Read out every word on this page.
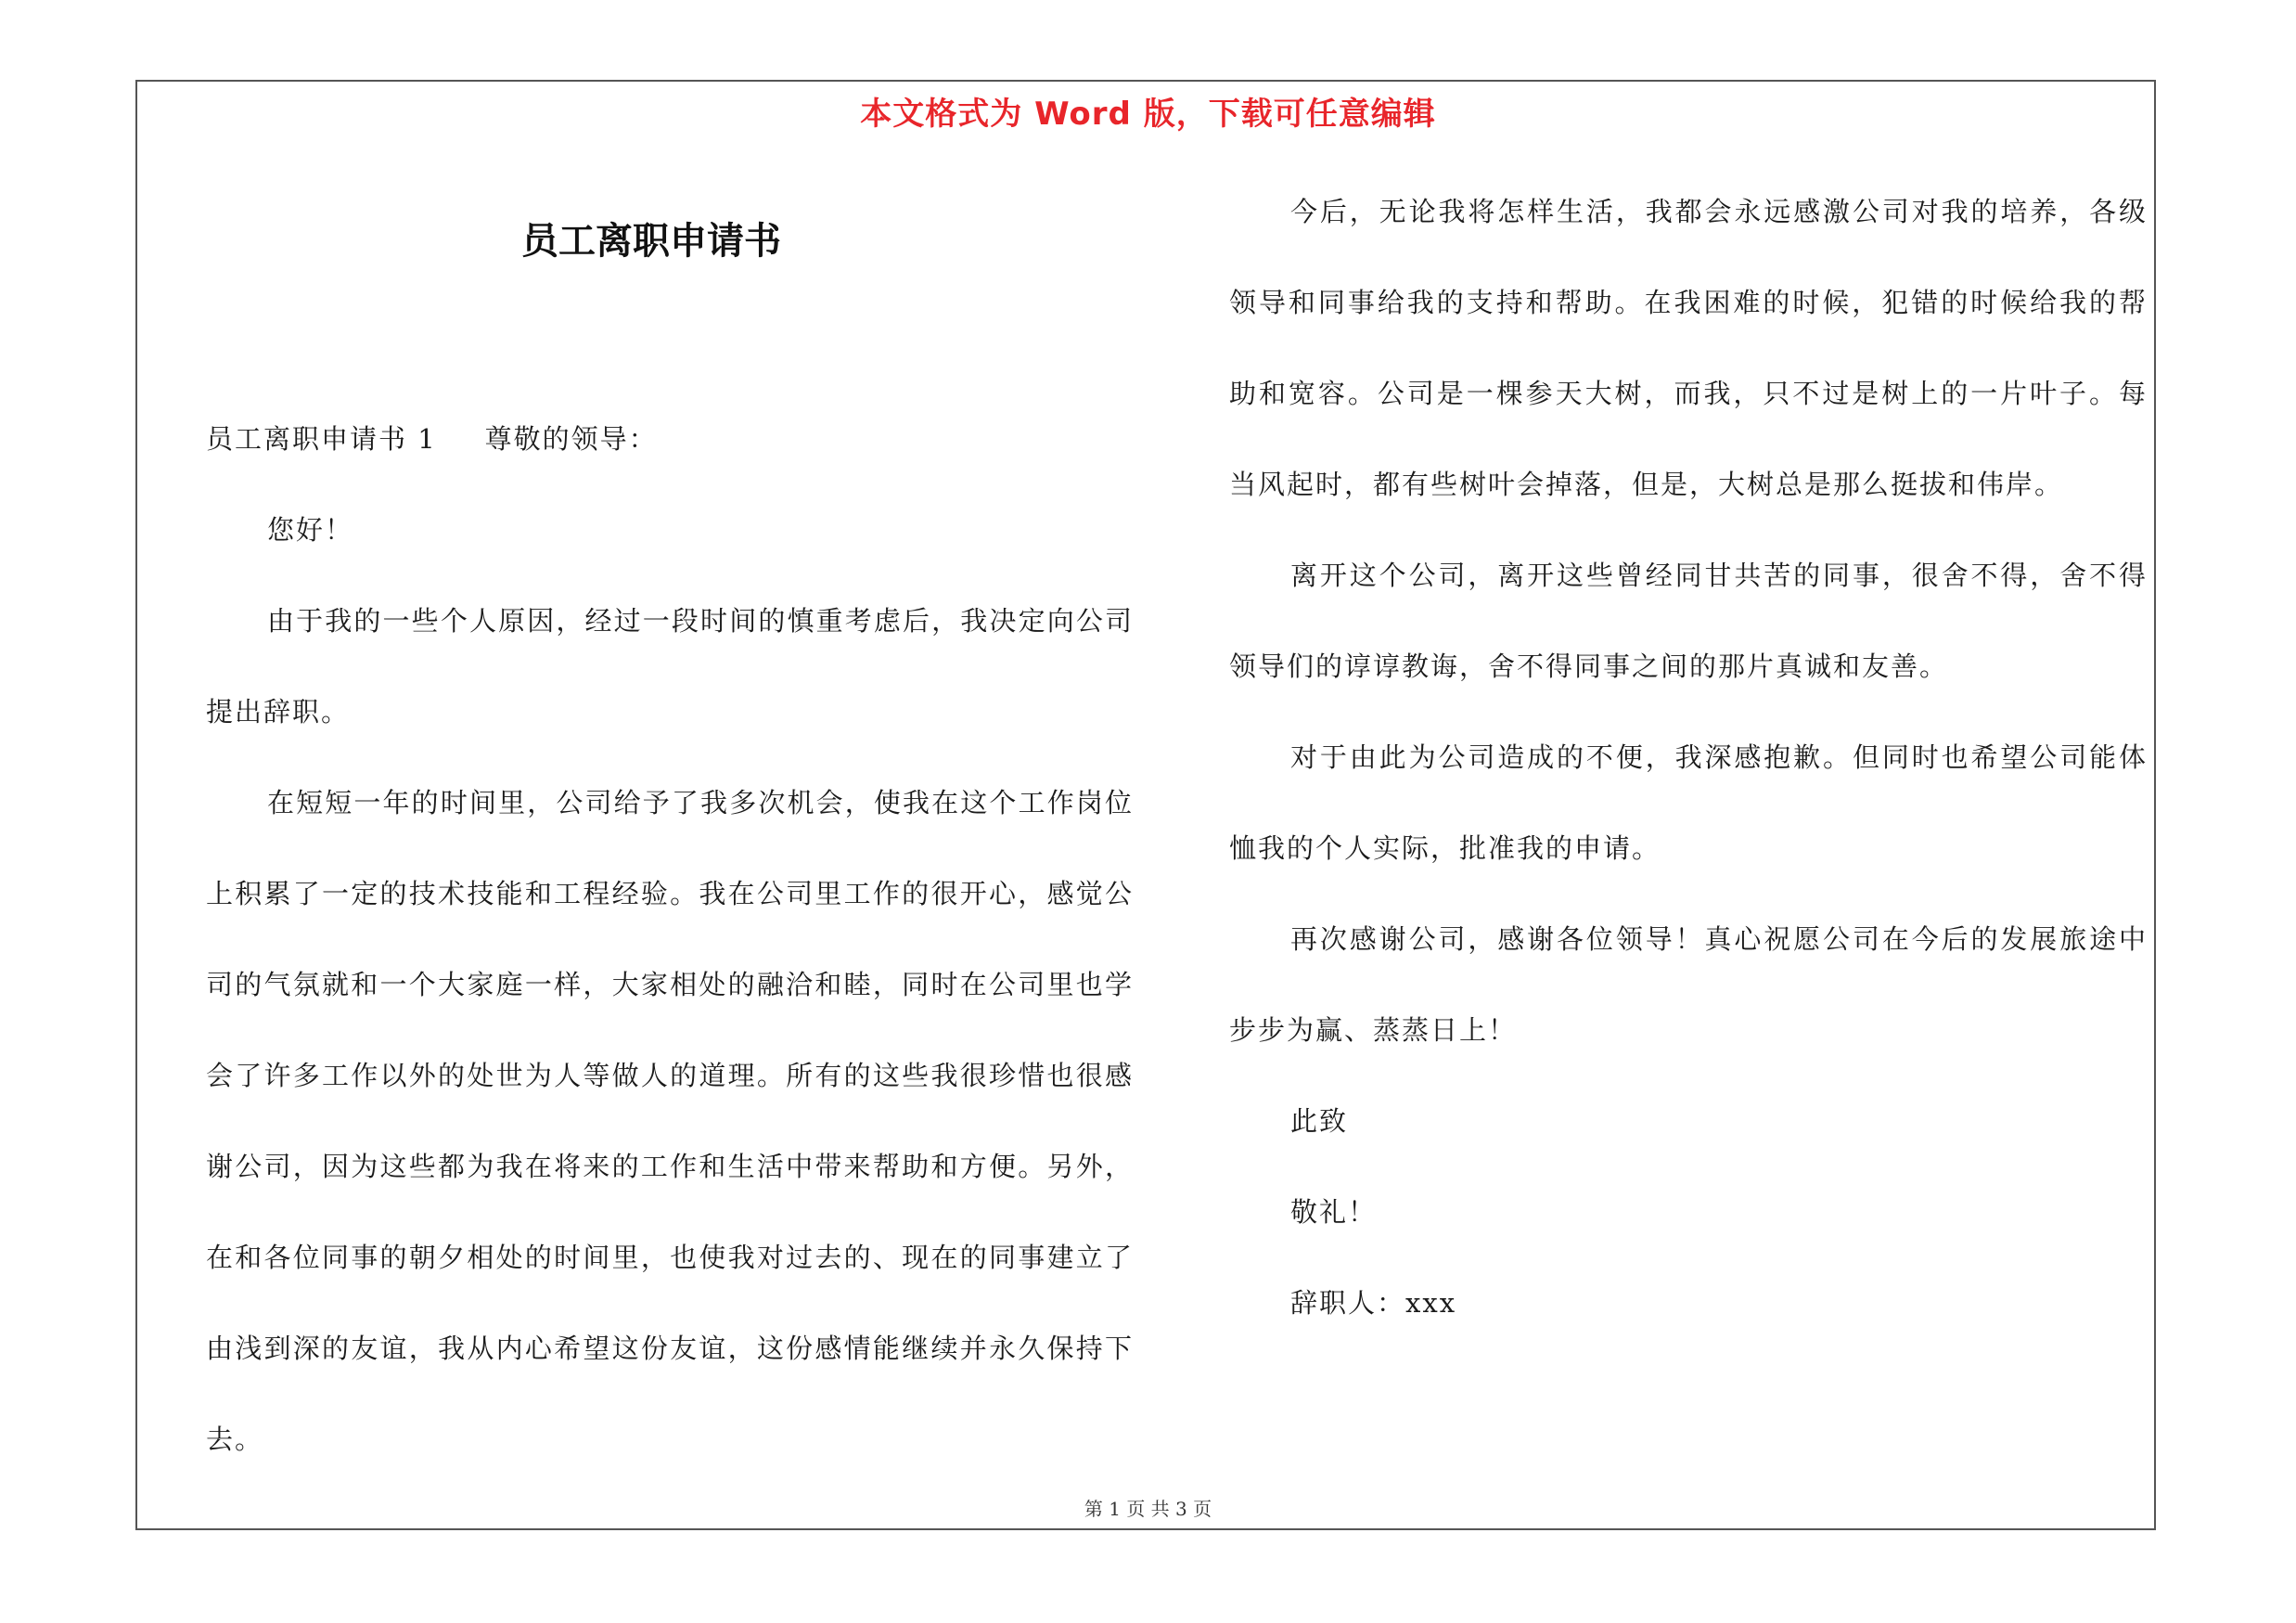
本文格式为 Word 版，下载可任意编辑
员工离职申请书

员工离职申请书 1 尊敬的领导：

您好！

由于我的一些个人原因，经过一段时间的慎重考虑后，我决定向公司提出辞职。

在短短一年的时间里，公司给予了我多次机会，使我在这个工作岗位上积累了一定的技术技能和工程经验。我在公司里工作的很开心，感觉公司的气氛就和一个大家庭一样，大家相处的融洽和睦，同时在公司里也学会了许多工作以外的处世为人等做人的道理。所有的这些我很珍惜也很感谢公司，因为这些都为我在将来的工作和生活中带来帮助和方便。另外，在和各位同事的朝夕相处的时间里，也使我对过去的、现在的同事建立了由浅到深的友谊，我从内心希望这份友谊，这份感情能继续并永久保持下去。

今后，无论我将怎样生活，我都会永远感激公司对我的培养，各级领导和同事给我的支持和帮助。在我困难的时候，犯错的时候给我的帮助和宽容。公司是一棵参天大树，而我，只不过是树上的一片叶子。每当风起时，都有些树叶会掉落，但是，大树总是那么挺拔和伟岸。

离开这个公司，离开这些曾经同甘共苦的同事，很舍不得，舍不得领导们的谆谆教诲，舍不得同事之间的那片真诚和友善。

对于由此为公司造成的不便，我深感抱歉。但同时也希望公司能体恤我的个人实际，批准我的申请。

再次感谢公司，感谢各位领导！真心祝愿公司在今后的发展旅途中步步为赢、蒸蒸日上！

此致

敬礼！

辞职人：xxx

第 1 页 共 3 页
